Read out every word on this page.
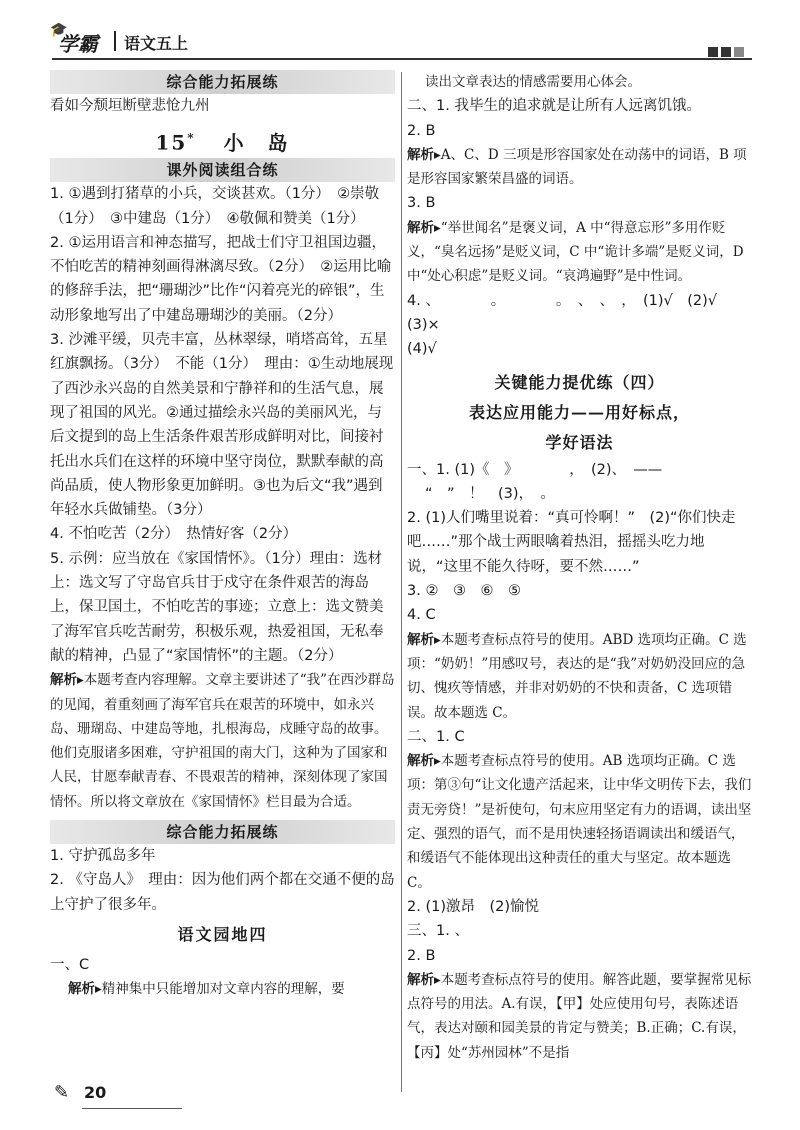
🎓
学霸 语文五上
综合能力拓展练

看如今颓垣断壁悲怆九州

15* 小　岛
课外阅读组合练

1. ①遇到打猪草的小兵，交谈甚欢。（1分）　②崇敬（1分）　③中建岛（1分）　④敬佩和赞美（1分）

2. ①运用语言和神态描写，把战士们守卫祖国边疆，不怕吃苦的精神刻画得淋漓尽致。（2分）　②运用比喻的修辞手法，把“珊瑚沙”比作“闪着亮光的碎银”，生动形象地写出了中建岛珊瑚沙的美丽。（2分）

3. 沙滩平缓，贝壳丰富，丛林翠绿，哨塔高耸，五星红旗飘扬。（3分）　不能（1分）　理由：①生动地展现了西沙永兴岛的自然美景和宁静祥和的生活气息，展现了祖国的风光。②通过描绘永兴岛的美丽风光，与后文提到的岛上生活条件艰苦形成鲜明对比，间接衬托出水兵们在这样的环境中坚守岗位，默默奉献的高尚品质，使人物形象更加鲜明。③也为后文“我”遇到年轻水兵做铺垫。（3分）

4. 不怕吃苦（2分）　热情好客（2分）

5. 示例：应当放在《家国情怀》。（1分）理由：选材上：选文写了守岛官兵甘于戍守在条件艰苦的海岛上，保卫国土，不怕吃苦的事迹；立意上：选文赞美了海军官兵吃苦耐劳，积极乐观，热爱祖国，无私奉献的精神，凸显了“家国情怀”的主题。（2分）

解析▸本题考查内容理解。文章主要讲述了“我”在西沙群岛的见闻，着重刻画了海军官兵在艰苦的环境中，如永兴岛、珊瑚岛、中建岛等地，扎根海岛，戍睡守岛的故事。他们克服诸多困难，守护祖国的南大门，这种为了国家和人民，甘愿奉献青春、不畏艰苦的精神，深刻体现了家国情怀。所以将文章放在《家国情怀》栏目最为合适。

综合能力拓展练

1. 守护孤岛多年

2. 《守岛人》　理由：因为他们两个都在交通不便的岛上守护了很多年。

语文园地四

一、C

解析▸精神集中只能增加对文章内容的理解，要

读出文章表达的情感需要用心体会。

二、1. 我毕生的追求就是让所有人远离饥饿。

2. B

解析▸A、C、D 三项是形容国家处在动荡中的词语，B 项是形容国家繁荣昌盛的词语。

3. B

解析▸“举世闻名”是褒义词，A 中“得意忘形”多用作贬义，“臭名远扬”是贬义词，C 中“诡计多端”是贬义词，D 中“处心积虑”是贬义词。“哀鸿遍野”是中性词。

4. 、　　　　。　　　　。　、　、　，　(1)√　(2)√　(3)×

(4)√

关键能力提优练（四）
表达应用能力——用好标点，
学好语法

一、1. (1)《　》　　　　，　(2)、　——

“　”　！　(3)，　。

2. (1)人们嘴里说着：“真可怜啊！”　(2)“你们快走吧……”那个战士两眼噙着热泪，摇摇头吃力地说，“这里不能久待呀，要不然……”

3. ②　③　⑥　⑤

4. C

解析▸本题考查标点符号的使用。ABD 选项均正确。C 选项：“奶奶！”用感叹号，表达的是“我”对奶奶没回应的急切、愧疚等情感，并非对奶奶的不快和责备，C 选项错误。故本题选 C。

二、1. C

解析▸本题考查标点符号的使用。AB 选项均正确。C 选项：第③句“让文化遗产活起来，让中华文明传下去，我们责无旁贷！”是祈使句，句末应用坚定有力的语调，读出坚定、强烈的语气，而不是用快速轻扬语调读出和缓语气，和缓语气不能体现出这种责任的重大与坚定。故本题选 C。

2. (1)激昂　(2)愉悦

三、1. 、

2. B

解析▸本题考查标点符号的使用。解答此题，要掌握常见标点符号的用法。A.有误，【甲】处应使用句号，表陈述语气，表达对颐和园美景的肯定与赞美；B.正确；C.有误，【丙】处“苏州园林”不是指

✎ 20
